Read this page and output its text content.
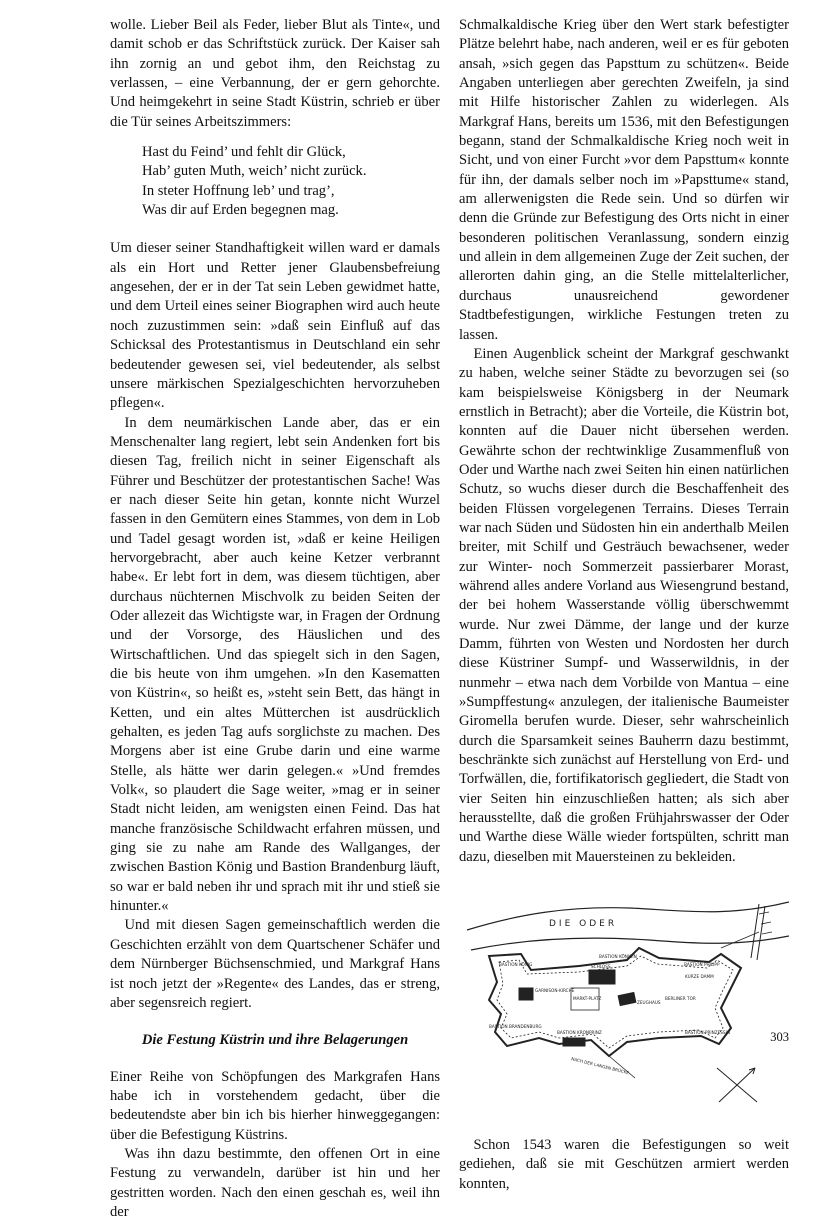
wolle. Lieber Beil als Feder, lieber Blut als Tinte«, und damit schob er das Schriftstück zurück. Der Kaiser sah ihn zornig an und gebot ihm, den Reichstag zu verlassen, – eine Verbannung, der er gern gehorchte. Und heimgekehrt in seine Stadt Küstrin, schrieb er über die Tür seines Arbeitszimmers:

Hast du Feind’ und fehlt dir Glück,
Hab’ guten Muth, weich’ nicht zurück.
In steter Hoffnung leb’ und trag’,
Was dir auf Erden begegnen mag.

Um dieser seiner Standhaftigkeit willen ward er damals als ein Hort und Retter jener Glaubensbefreiung angesehen, der er in der Tat sein Leben gewidmet hatte, und dem Urteil eines seiner Biographen wird auch heute noch zuzustimmen sein: »daß sein Einfluß auf das Schicksal des Protestantismus in Deutschland ein sehr bedeutender gewesen sei, viel bedeutender, als selbst unsere märkischen Spezialgeschichten hervorzuheben pflegen«.

In dem neumärkischen Lande aber, das er ein Menschenalter lang regiert, lebt sein Andenken fort bis diesen Tag, freilich nicht in seiner Eigenschaft als Führer und Beschützer der protestantischen Sache! Was er nach dieser Seite hin getan, konnte nicht Wurzel fassen in den Gemütern eines Stammes, von dem in Lob und Tadel gesagt worden ist, »daß er keine Heiligen hervorgebracht, aber auch keine Ketzer verbrannt habe«. Er lebt fort in dem, was diesem tüchtigen, aber durchaus nüchternen Mischvolk zu beiden Seiten der Oder allezeit das Wichtigste war, in Fragen der Ordnung und der Vorsorge, des Häuslichen und des Wirtschaftlichen. Und das spiegelt sich in den Sagen, die bis heute von ihm umgehen. »In den Kasematten von Küstrin«, so heißt es, »steht sein Bett, das hängt in Ketten, und ein altes Mütterchen ist ausdrücklich gehalten, es jeden Tag aufs sorglichste zu machen. Des Morgens aber ist eine Grube darin und eine warme Stelle, als hätte wer darin gelegen.« »Und fremdes Volk«, so plaudert die Sage weiter, »mag er in seiner Stadt nicht leiden, am wenigsten einen Feind. Das hat manche französische Schildwacht erfahren müssen, und ging sie zu nahe am Rande des Wallganges, der zwischen Bastion König und Bastion Brandenburg läuft, so war er bald neben ihr und sprach mit ihr und stieß sie hinunter.«

Und mit diesen Sagen gemeinschaftlich werden die Geschichten erzählt von dem Quartschener Schäfer und dem Nürnberger Büchsenschmied, und Markgraf Hans ist noch jetzt der »Regente« des Landes, das er streng, aber segensreich regiert.

Die Festung Küstrin und ihre Belagerungen

Einer Reihe von Schöpfungen des Markgrafen Hans habe ich in vorstehendem gedacht, über die bedeutendste aber bin ich bis hierher hinweggegangen: über die Befestigung Küstrins.

Was ihn dazu bestimmte, den offenen Ort in eine Festung zu verwandeln, darüber ist hin und her gestritten worden. Nach den einen geschah es, weil ihn der

Schmalkaldische Krieg über den Wert stark befestigter Plätze belehrt habe, nach anderen, weil er es für geboten ansah, »sich gegen das Papsttum zu schützen«. Beide Angaben unterliegen aber gerechten Zweifeln, ja sind mit Hilfe historischer Zahlen zu widerlegen. Als Markgraf Hans, bereits um 1536, mit den Befestigungen begann, stand der Schmalkaldische Krieg noch weit in Sicht, und von einer Furcht »vor dem Papsttum« konnte für ihn, der damals selber noch im »Papsttume« stand, am allerwenigsten die Rede sein. Und so dürfen wir denn die Gründe zur Befestigung des Orts nicht in einer besonderen politischen Veranlassung, sondern einzig und allein in dem allgemeinen Zuge der Zeit suchen, der allerorten dahin ging, an die Stelle mittelalterlicher, durchaus unausreichend gewordener Stadtbefestigungen, wirkliche Festungen treten zu lassen.

Einen Augenblick scheint der Markgraf geschwankt zu haben, welche seiner Städte zu bevorzugen sei (so kam beispielsweise Königsberg in der Neumark ernstlich in Betracht); aber die Vorteile, die Küstrin bot, konnten auf die Dauer nicht übersehen werden. Gewährte schon der rechtwinklige Zusammenfluß von Oder und Warthe nach zwei Seiten hin einen natürlichen Schutz, so wuchs dieser durch die Beschaffenheit des beiden Flüssen vorgelegenen Terrains. Dieses Terrain war nach Süden und Südosten hin ein anderthalb Meilen breiter, mit Schilf und Gesträuch bewachsener, weder zur Winter- noch Sommerzeit passierbarer Morast, während alles andere Vorland aus Wiesengrund bestand, der bei hohem Wasserstande völlig überschwemmt wurde. Nur zwei Dämme, der lange und der kurze Damm, führten von Westen und Nordosten her durch diese Küstriner Sumpf- und Wasserwildnis, in der nunmehr – etwa nach dem Vorbilde von Mantua – eine »Sumpffestung« anzulegen, der italienische Baumeister Giromella berufen wurde. Dieser, sehr wahrscheinlich durch die Sparsamkeit seines Bauherrn dazu bestimmt, beschränkte sich zunächst auf Herstellung von Erd- und Torfwällen, die, fortifikatorisch gegliedert, die Stadt von vier Seiten hin einzuschließen hatten; als sich aber herausstellte, daß die großen Frühjahrswasser der Oder und Warthe diese Wälle wieder fortspülten, schritt man dazu, dieselben mit Mauersteinen zu bekleiden.

DIE ODER
BASTION KÖNIG
BASTION KÖNIGIN
BASTION PHILIPP
BASTION BRANDENBURG
BASTION KRONPRINZ	BASTION PRINZESSIN
SCHLOSS
MARKT-PLATZ
GARNISON-KIRCHE
ZEUGHAUS
BERLINER TOR
KURZE DAMM
NACH DER LANGEN BRÜCKE

Schon 1543 waren die Befestigungen so weit gediehen, daß sie mit Geschützen armiert werden konnten,

303
